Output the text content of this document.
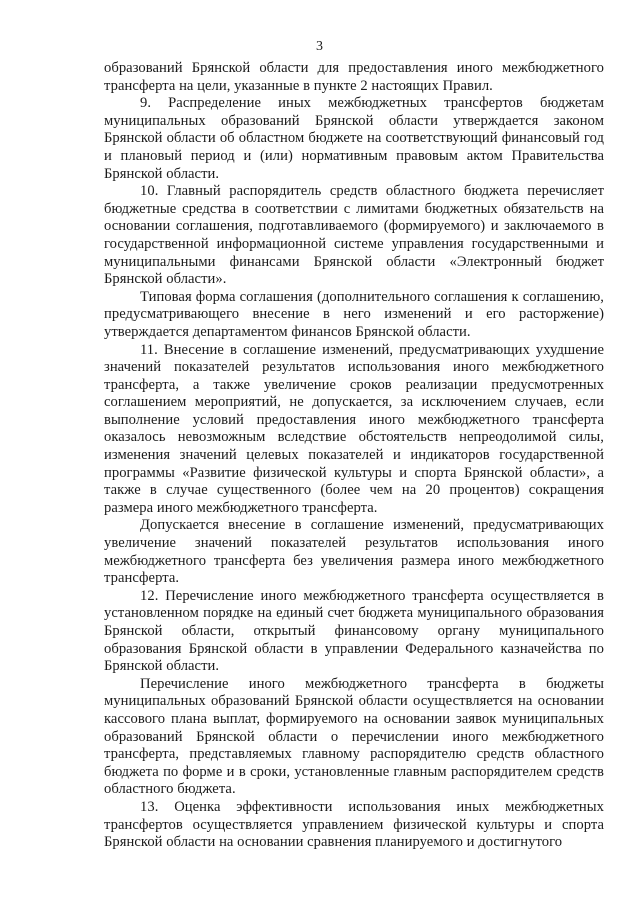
3

образований Брянской области для предоставления иного межбюджетного трансферта на цели, указанные в пункте 2 настоящих Правил.

9. Распределение иных межбюджетных трансфертов бюджетам муниципальных образований Брянской области утверждается законом Брянской области об областном бюджете на соответствующий финансовый год и плановый период и (или) нормативным правовым актом Правительства Брянской области.

10. Главный распорядитель средств областного бюджета перечисляет бюджетные средства в соответствии с лимитами бюджетных обязательств на основании соглашения, подготавливаемого (формируемого) и заключаемого в государственной информационной системе управления государственными и муниципальными финансами Брянской области «Электронный бюджет Брянской области».

Типовая форма соглашения (дополнительного соглашения к соглашению, предусматривающего внесение в него изменений и его расторжение) утверждается департаментом финансов Брянской области.

11. Внесение в соглашение изменений, предусматривающих ухудшение значений показателей результатов использования иного межбюджетного трансферта, а также увеличение сроков реализации предусмотренных соглашением мероприятий, не допускается, за исключением случаев, если выполнение условий предоставления иного межбюджетного трансферта оказалось невозможным вследствие обстоятельств непреодолимой силы, изменения значений целевых показателей и индикаторов государственной программы «Развитие физической культуры и спорта Брянской области», а также в случае существенного (более чем на 20 процентов) сокращения размера иного межбюджетного трансферта.

Допускается внесение в соглашение изменений, предусматривающих увеличение значений показателей результатов использования иного межбюджетного трансферта без увеличения размера иного межбюджетного трансферта.

12. Перечисление иного межбюджетного трансферта осуществляется в установленном порядке на единый счет бюджета муниципального образования Брянской области, открытый финансовому органу муниципального образования Брянской области в управлении Федерального казначейства по Брянской области.

Перечисление иного межбюджетного трансферта в бюджеты муниципальных образований Брянской области осуществляется на основании кассового плана выплат, формируемого на основании заявок муниципальных образований Брянской области о перечислении иного межбюджетного трансферта, представляемых главному распорядителю средств областного бюджета по форме и в сроки, установленные главным распорядителем средств областного бюджета.

13. Оценка эффективности использования иных межбюджетных трансфертов осуществляется управлением физической культуры и спорта Брянской области на основании сравнения планируемого и достигнутого
